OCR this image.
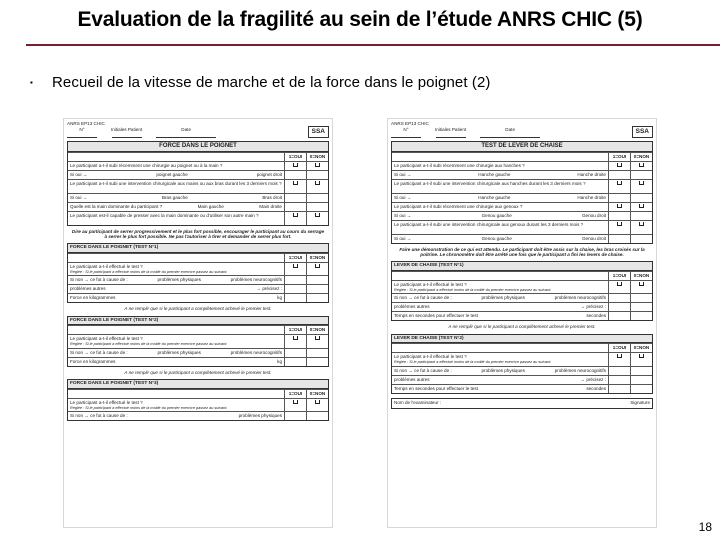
Evaluation de la fragilité au sein de l’étude ANRS CHIC (5)
▪	Recueil de la vitesse de marche et de la force dans le poignet (2)
ANRS EP13 CHIC
N°	Initiales Patient	Date	SSA
FORCE DANS LE POIGNET
1=OUI	0=NON
Le participant a-t-il subi récemment une chirurgie au poignet ou à la main ?
Si oui →	poignet gauche	poignet droit
Le participant a-t-il subi une intervention chirurgicale aux mains ou aux bras durant les 3 derniers mois ?
Si oui →	Bras gauche	Bras droit
Quelle est la main dominante du participant ?	Main gauche	Main droite
Le participant est-il capable de presser avec la main dominante ou d'utiliser son autre main ?
Dire au participant de serrer progressivement et le plus fort possible, encourager le participant au cours du serrage à serrer le plus fort possible. Ne pas l'autoriser à tirer et demander de serrer plus fort.
FORCE DANS LE POIGNET (TEST N°1)
1=OUI	0=NON
Le participant a-t-il effectué le test ?
Réglée : Si le participant a effectué moins de la moitié du premier exercice passez au suivant.
Si non → ce fut à cause de :	problèmes physiques	problèmes neurocognitifs
problèmes autres	→ précisez :
Force en kilogrammes	kg
A ne remplir que si le participant a complètement achevé le premier test.
FORCE DANS LE POIGNET (TEST N°2)
1=OUI	0=NON
Le participant a-t-il effectué le test ?
Réglée : Si le participant a effectué moins de la moitié du premier exercice passez au suivant.
Si non → ce fut à cause de :	problèmes physiques	problèmes neurocognitifs
Force en kilogrammes	kg
A ne remplir que si le participant a complètement achevé le premier test.
FORCE DANS LE POIGNET (TEST N°3)
1=OUI	0=NON
Le participant a-t-il effectué le test ?
Réglée : Si le participant a effectué moins de la moitié du premier exercice passez au suivant.
Si non → ce fut à cause de :	problèmes physiques
ANRS EP13 CHIC
N°	Initiales Patient	Date	SSA
TEST DE LEVER DE CHAISE
1=OUI	0=NON
Le participant a-t-il subi récemment une chirurgie aux hanches ?
Si oui →	Hanche gauche	Hanche droite
Le participant a-t-il subi une intervention chirurgicale aux hanches durant les 3 derniers mois ?
Si oui →	Hanche gauche	Hanche droite
Le participant a-t-il subi récemment une chirurgie aux genoux ?
Si oui →	Genou gauche	Genou droit
Le participant a-t-il subi une intervention chirurgicale aux genoux durant les 3 derniers mois ?
Si oui →	Genou gauche	Genou droit
Faire une démonstration de ce qui est attendu. Le participant doit être assis sur la chaise, les bras croisés sur la poitrine. Le chronomètre doit être arrêté une fois que le participant a fini les levers de chaise.
LEVER DE CHAISE (TEST N°1)
1=OUI	0=NON
Le participant a-t-il effectué le test ?
Réglée : Si le participant a effectué moins de la moitié du premier exercice passez au suivant.
Si non → ce fut à cause de :	problèmes physiques	problèmes neurocognitifs
problèmes autres	→ précisez :
Temps en secondes pour effectuer le test	secondes
A ne remplir que si le participant a complètement achevé le premier test.
LEVER DE CHAISE (TEST N°2)
1=OUI	0=NON
Le participant a-t-il effectué le test ?
Réglée : Si le participant a effectué moins de la moitié du premier exercice passez au suivant.
Si non → ce fut à cause de :	problèmes physiques	problèmes neurocognitifs
problèmes autres	→ précisez :
Temps en secondes pour effectuer le test	secondes
Nom de l'examinateur :	Signature
18
